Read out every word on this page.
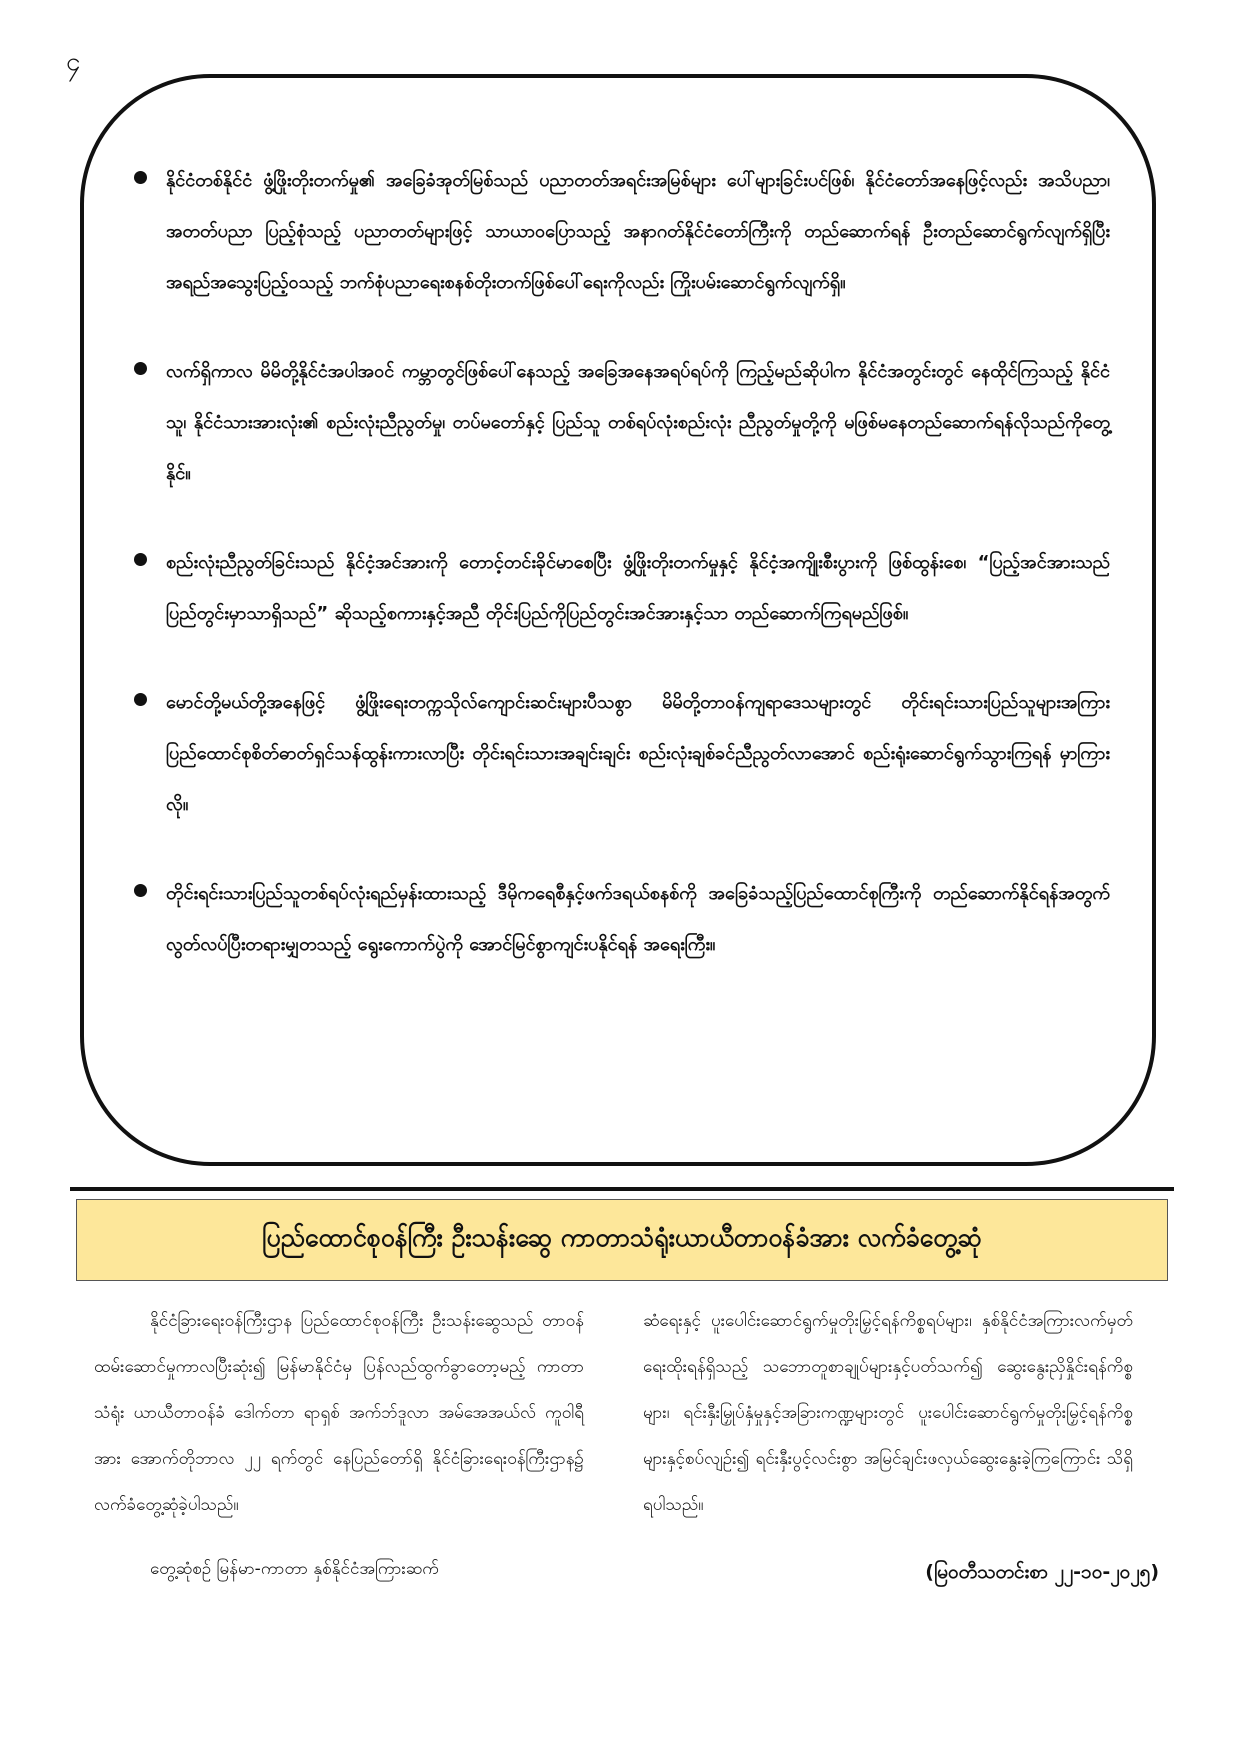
၄
နိုင်ငံတစ်နိုင်ငံ ဖွံ့ဖြိုးတိုးတက်မှု၏ အခြေခံအုတ်မြစ်သည် ပညာတတ်အရင်းအမြစ်များ ပေါ်များခြင်းပင်ဖြစ်၊ နိုင်ငံတော်အနေဖြင့်လည်း အသိပညာ၊ အတတ်ပညာ ပြည့်စုံသည့် ပညာတတ်များဖြင့် သာယာဝပြောသည့် အနာဂတ်နိုင်ငံတော်ကြီးကို တည်ဆောက်ရန် ဦးတည်ဆောင်ရွက်လျက်ရှိပြီး အရည်အသွေးပြည့်ဝသည့် ဘက်စုံပညာရေးစနစ်တိုးတက်ဖြစ်ပေါ်ရေးကိုလည်း ကြိုးပမ်းဆောင်ရွက်လျက်ရှိ။
လက်ရှိကာလ မိမိတို့နိုင်ငံအပါအဝင် ကမ္ဘာတွင်ဖြစ်ပေါ်နေသည့် အခြေအနေအရပ်ရပ်ကို ကြည့်မည်ဆိုပါက နိုင်ငံအတွင်းတွင် နေထိုင်ကြသည့် နိုင်ငံသူ၊ နိုင်ငံသားအားလုံး၏ စည်းလုံးညီညွတ်မှု၊ တပ်မတော်နှင့် ပြည်သူ တစ်ရပ်လုံးစည်းလုံး ညီညွတ်မှုတို့ကို မဖြစ်မနေတည်ဆောက်ရန်လိုသည်ကိုတွေ့နိုင်။
စည်းလုံးညီညွတ်ခြင်းသည် နိုင်ငံ့အင်အားကို တောင့်တင်းခိုင်မာစေပြီး ဖွံ့ဖြိုးတိုးတက်မှုနှင့် နိုင်ငံ့အကျိုးစီးပွားကို ဖြစ်ထွန်းစေ၊ “ပြည့်အင်အားသည် ပြည်တွင်းမှာသာရှိသည်” ဆိုသည့်စကားနှင့်အညီ တိုင်းပြည်ကိုပြည်တွင်းအင်အားနှင့်သာ တည်ဆောက်ကြရမည်ဖြစ်။
မောင်တို့မယ်တို့အနေဖြင့် ဖွံ့ဖြိုးရေးတက္ကသိုလ်ကျောင်းဆင်းများပီသစွာ မိမိတို့တာဝန်ကျရာဒေသများတွင် တိုင်းရင်းသားပြည်သူများအကြား ပြည်ထောင်စုစိတ်ဓာတ်ရှင်သန်ထွန်းကားလာပြီး တိုင်းရင်းသားအချင်းချင်း စည်းလုံးချစ်ခင်ညီညွတ်လာအောင် စည်းရုံးဆောင်ရွက်သွားကြရန် မှာကြားလို။
တိုင်းရင်းသားပြည်သူတစ်ရပ်လုံးရည်မှန်းထားသည့် ဒီမိုကရေစီနှင့်ဖက်ဒရယ်စနစ်ကို အခြေခံသည့်ပြည်ထောင်စုကြီးကို တည်ဆောက်နိုင်ရန်အတွက် လွတ်လပ်ပြီးတရားမျှတသည့် ရွေးကောက်ပွဲကို အောင်မြင်စွာကျင်းပနိုင်ရန် အရေးကြီး။
ပြည်ထောင်စုဝန်ကြီး ဦးသန်းဆွေ ကာတာသံရုံးယာယီတာဝန်ခံအား လက်ခံတွေ့ဆုံ

နိုင်ငံခြားရေးဝန်ကြီးဌာန ပြည်ထောင်စုဝန်ကြီး ဦးသန်းဆွေသည် တာဝန်ထမ်းဆောင်မှုကာလပြီးဆုံး၍ မြန်မာနိုင်ငံမှ ပြန်လည်ထွက်ခွာတော့မည့် ကာတာသံရုံး ယာယီတာဝန်ခံ ဒေါက်တာ ရာရှစ် အက်ဘ်ဒူလာ အမ်အေအယ်လ် ကူဝါရီအား အောက်တိုဘာလ ၂၂ ရက်တွင် နေပြည်တော်ရှိ နိုင်ငံခြားရေးဝန်ကြီးဌာန၌ လက်ခံတွေ့ဆုံခဲ့ပါသည်။

တွေ့ဆုံစဉ် မြန်မာ-ကာတာ နှစ်နိုင်ငံအကြားဆက်

ဆံရေးနှင့် ပူးပေါင်းဆောင်ရွက်မှုတိုးမြှင့်ရန်ကိစ္စရပ်များ၊ နှစ်နိုင်ငံအကြားလက်မှတ်ရေးထိုးရန်ရှိသည့် သဘောတူစာချုပ်များနှင့်ပတ်သက်၍ ဆွေးနွေးညှိနှိုင်းရန်ကိစ္စများ၊ ရင်းနှီးမြှုပ်နှံမှုနှင့်အခြားကဏ္ဍများတွင် ပူးပေါင်းဆောင်ရွက်မှုတိုးမြှင့်ရန်ကိစ္စများနှင့်စပ်လျဉ်း၍ ရင်းနှီးပွင့်လင်းစွာ အမြင်ချင်းဖလှယ်ဆွေးနွေးခဲ့ကြကြောင်း သိရှိရပါသည်။

(မြဝတီသတင်းစာ ၂၂-၁၀-၂၀၂၅)
